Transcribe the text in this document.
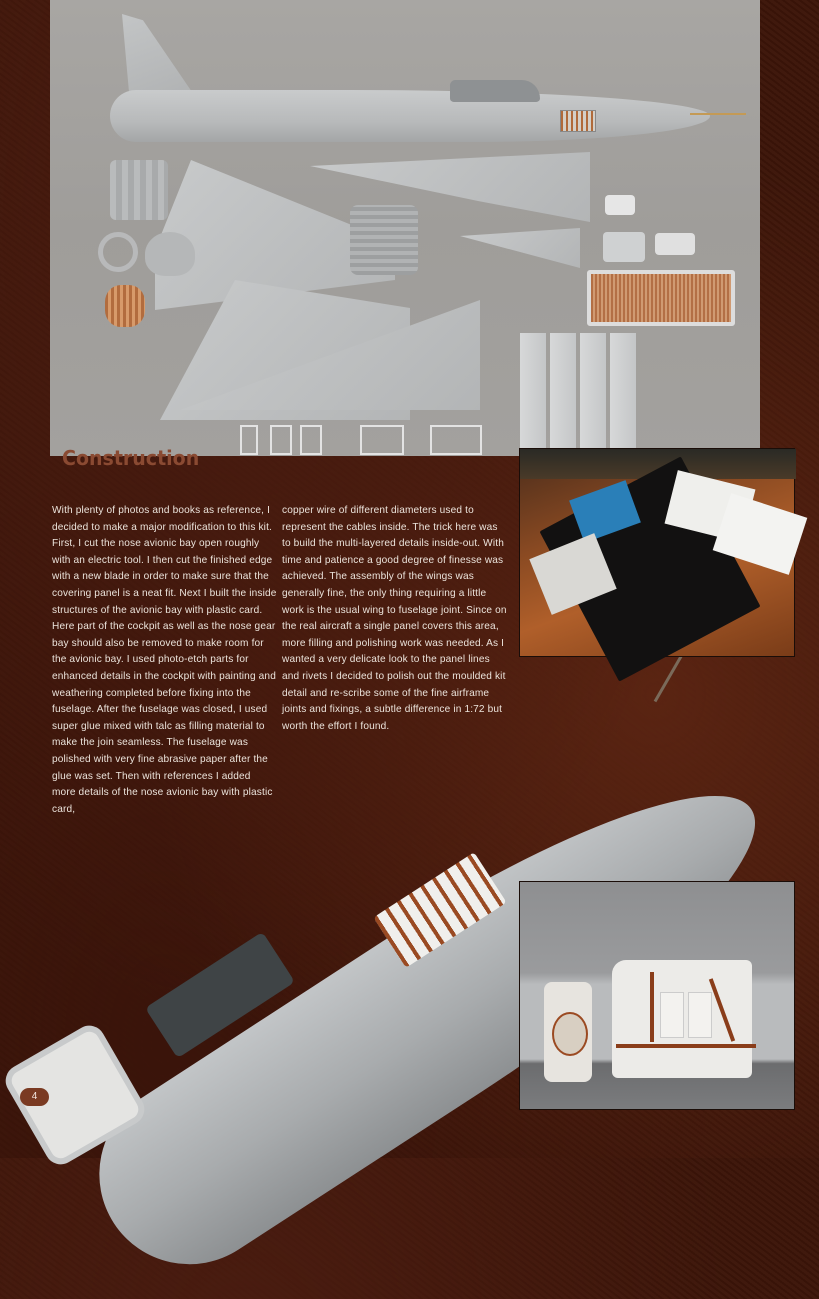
Construction
With plenty of photos and books as reference, I decided to make a major modification to this kit. First, I cut the nose avionic bay open roughly with an electric tool. I then cut the finished edge with a new blade in order to make sure that the covering panel is a neat fit. Next I built the inside structures of the avionic bay with plastic card. Here part of the cockpit as well as the nose gear bay should also be removed to make room for the avionic bay. I used photo-etch parts for enhanced details in the cockpit with painting and weathering completed before fixing into the fuselage. After the fuselage was closed, I used super glue mixed with talc as filling material to make the join seamless. The fuselage was polished with very fine abrasive paper after the glue was set. Then with references I added more details of the nose avionic bay with plastic card,
copper wire of different diameters used to represent the cables inside. The trick here was to build the multi-layered details inside-out. With time and patience a good degree of finesse was achieved. The assembly of the wings was generally fine, the only thing requiring a little work is the usual wing to fuselage joint. Since on the real aircraft a single panel covers this area, more filling and polishing work was needed. As I wanted a very delicate look to the panel lines and rivets I decided to polish out the moulded kit detail and re-scribe some of the fine airframe joints and fixings, a subtle difference in 1:72 but worth the effort I found.
4
